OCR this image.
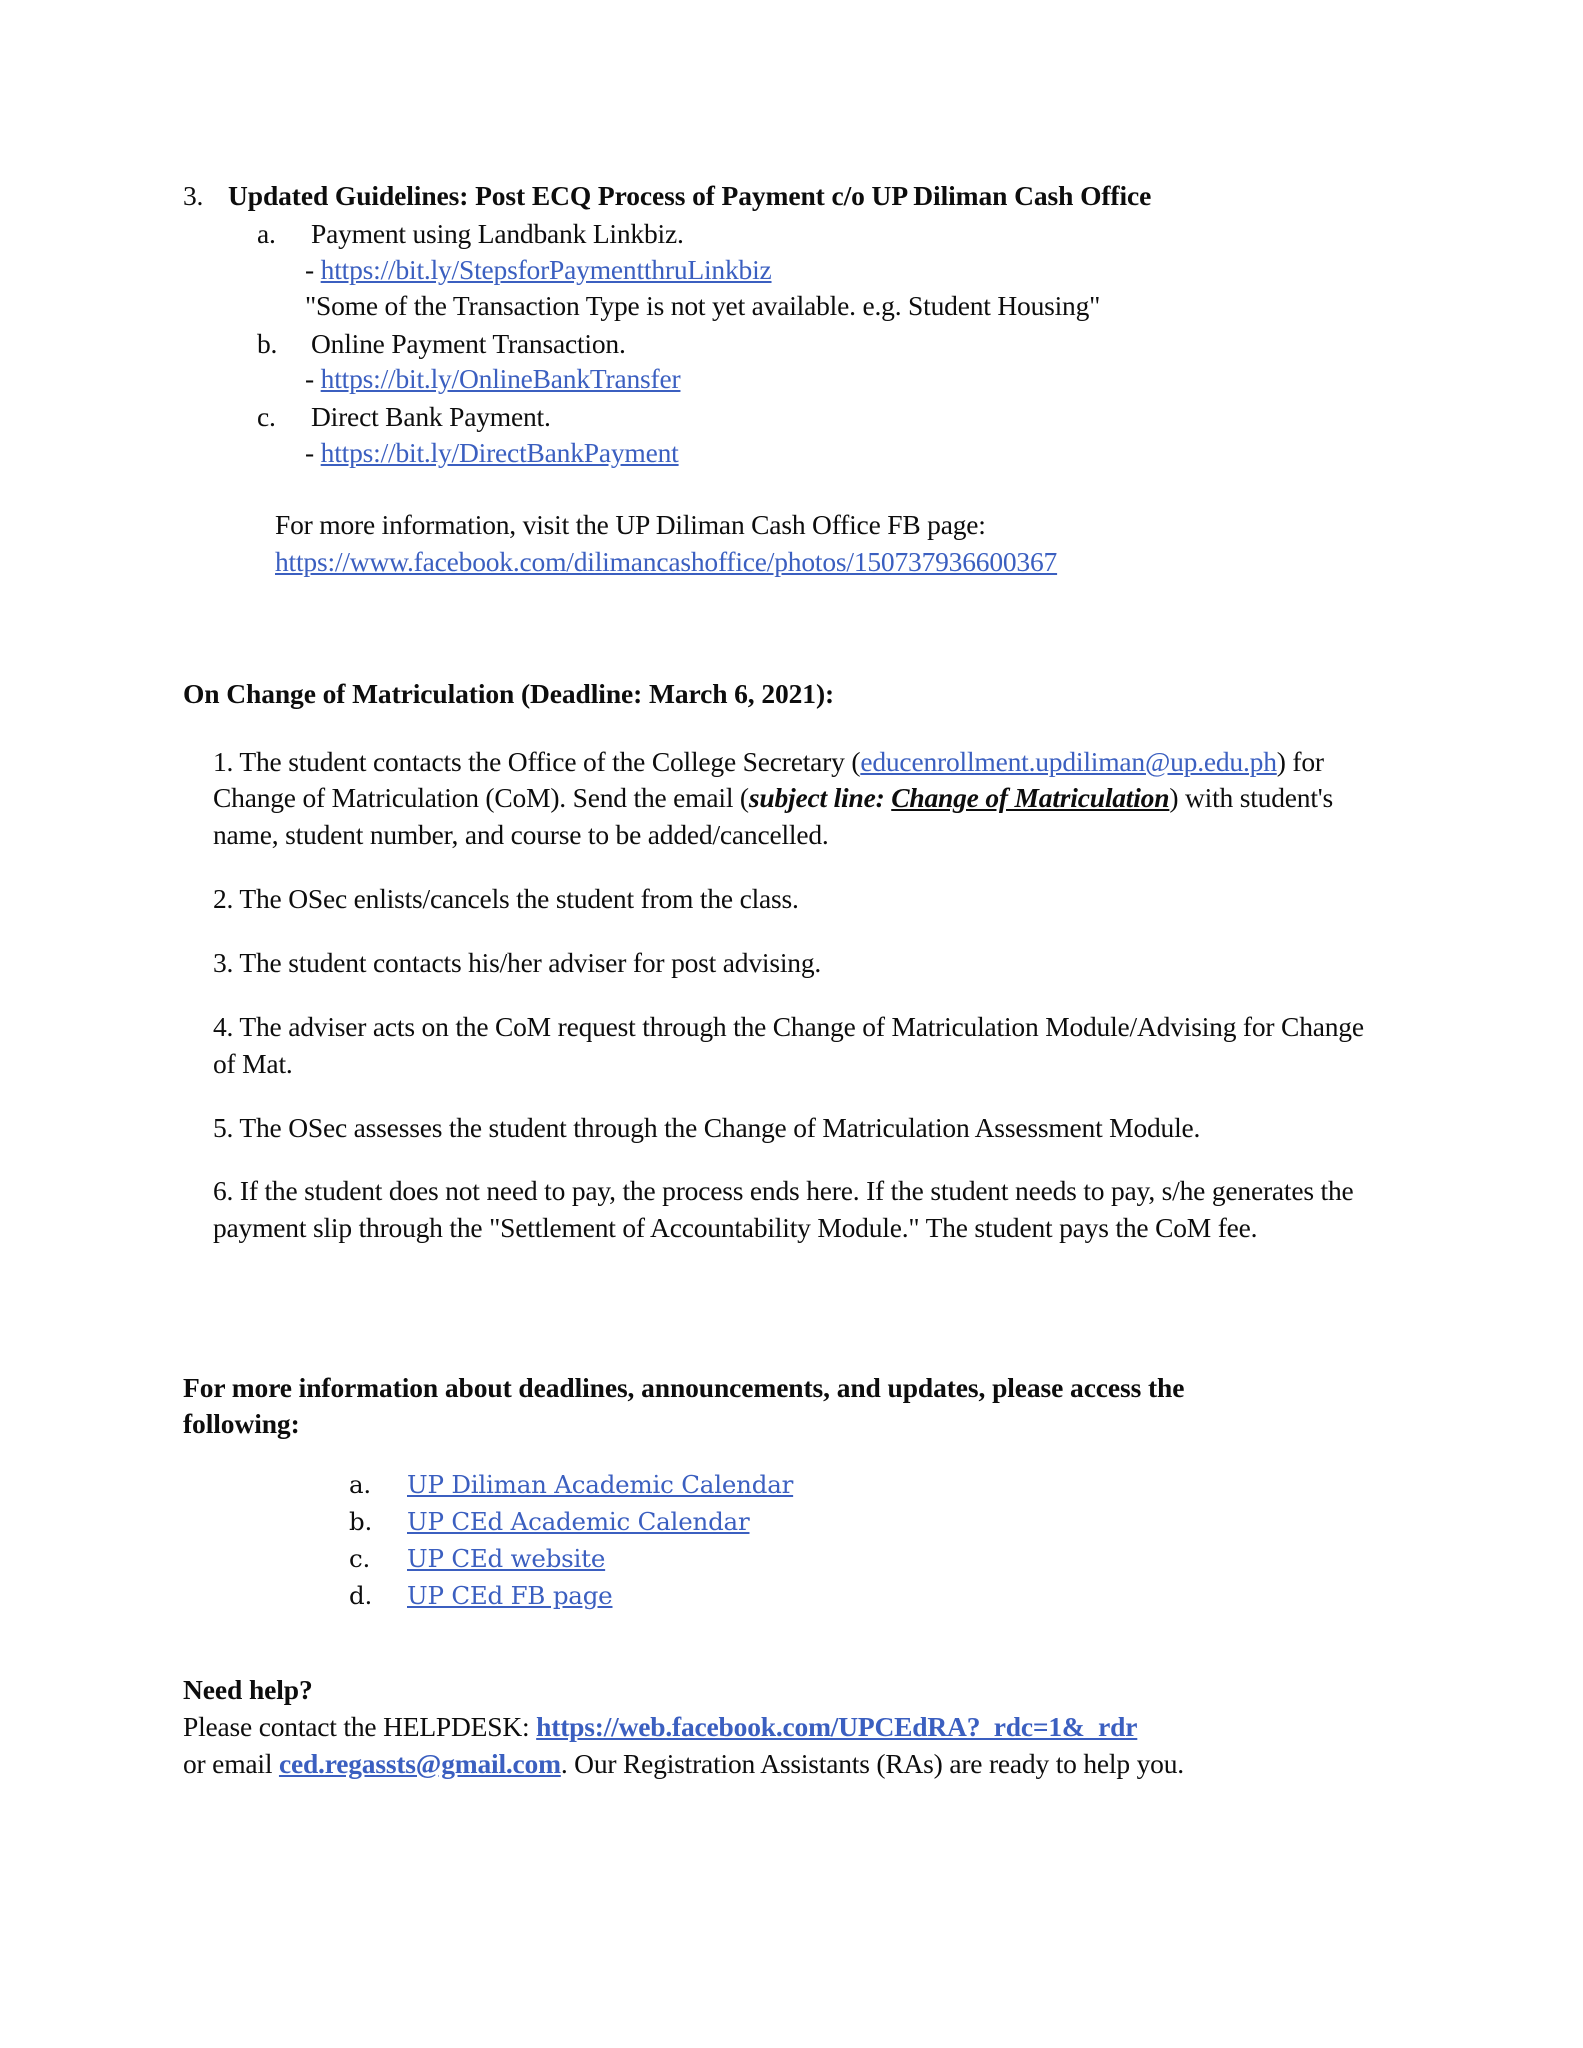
3. Updated Guidelines: Post ECQ Process of Payment c/o UP Diliman Cash Office
a.	Payment using Landbank Linkbiz.
- https://bit.ly/StepsforPaymentthruLinkbiz
"Some of the Transaction Type is not yet available. e.g. Student Housing"
b.	Online Payment Transaction.
- https://bit.ly/OnlineBankTransfer
c.	Direct Bank Payment.
- https://bit.ly/DirectBankPayment
For more information, visit the UP Diliman Cash Office FB page:
https://www.facebook.com/dilimancashoffice/photos/150737936600367
On Change of Matriculation (Deadline: March 6, 2021):
1. The student contacts the Office of the College Secretary (educenrollment.updiliman@up.edu.ph) for Change of Matriculation (CoM). Send the email (subject line: Change of Matriculation) with student's name, student number, and course to be added/cancelled.
2. The OSec enlists/cancels the student from the class.
3. The student contacts his/her adviser for post advising.
4. The adviser acts on the CoM request through the Change of Matriculation Module/Advising for Change of Mat.
5. The OSec assesses the student through the Change of Matriculation Assessment Module.
6. If the student does not need to pay, the process ends here. If the student needs to pay, s/he generates the payment slip through the "Settlement of Accountability Module." The student pays the CoM fee.
For more information about deadlines, announcements, and updates, please access the following:
a.	UP Diliman Academic Calendar
b.	UP CEd Academic Calendar
c.	UP CEd website
d.	UP CEd FB page
Need help?
Please contact the HELPDESK: https://web.facebook.com/UPCEdRA?_rdc=1&_rdr
or email ced.regassts@gmail.com. Our Registration Assistants (RAs) are ready to help you.
